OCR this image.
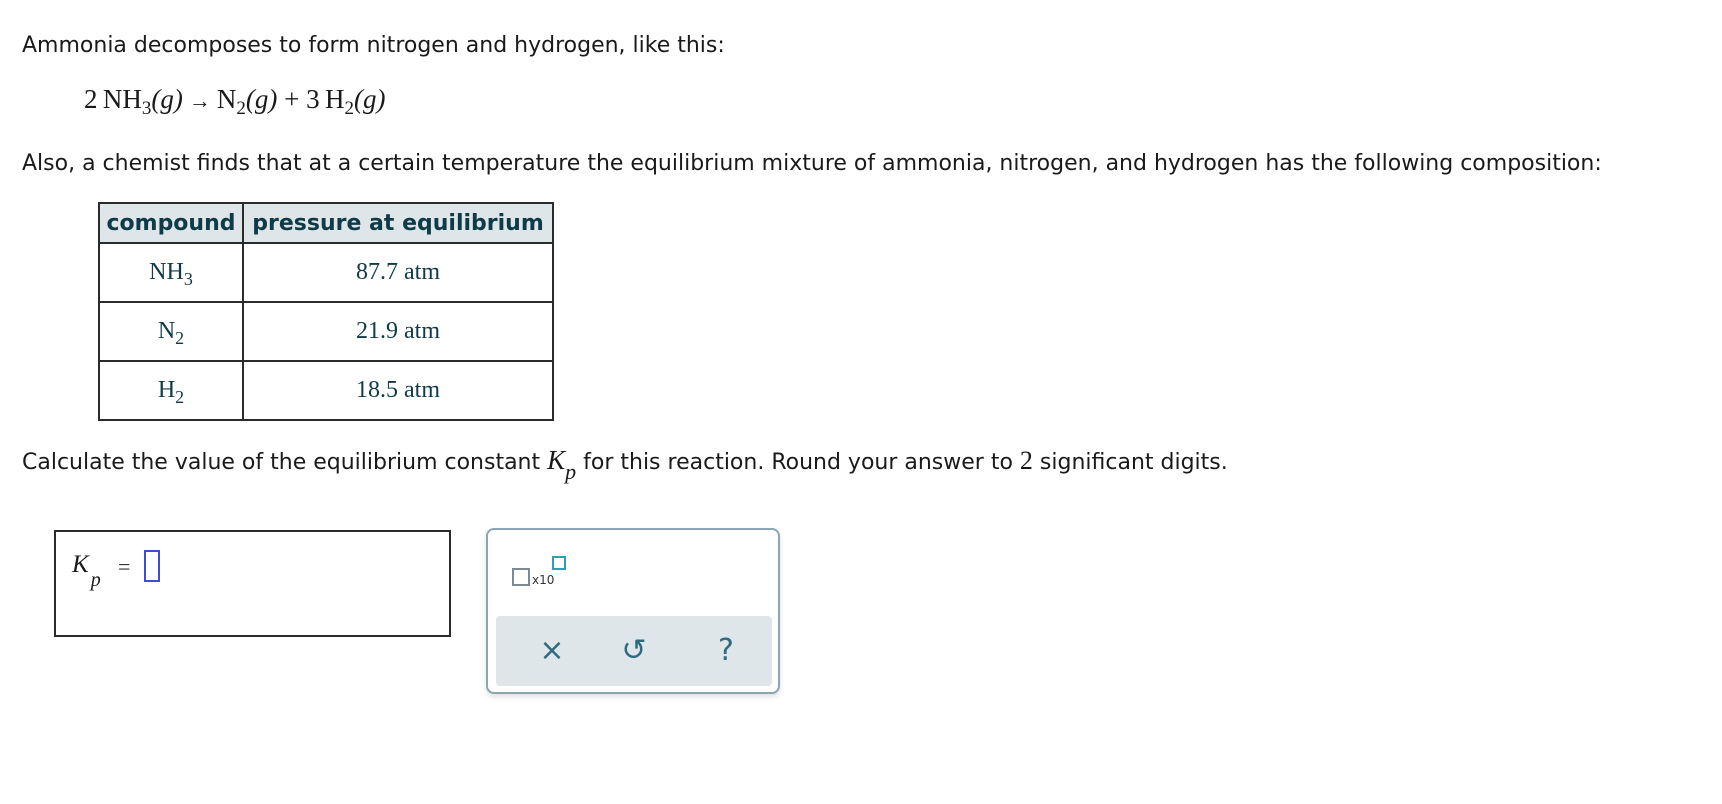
Ammonia decomposes to form nitrogen and hydrogen, like this:
2  $NH_3(g) \to N_2(g) + 3$  $H_2(g)$
Also, a chemist finds that at a certain temperature the equilibrium mixture of ammonia, nitrogen, and hydrogen has the following composition:
compound	pressure at equilibrium
$NH_3$	87.7 atm
$N_2$	21.9 atm
$H_2$	18.5 atm
Calculate the value of the equilibrium constant $K_p$ for this reaction. Round your answer to 2 significant digits.
$K_p$
=
x10
×	↺	?
